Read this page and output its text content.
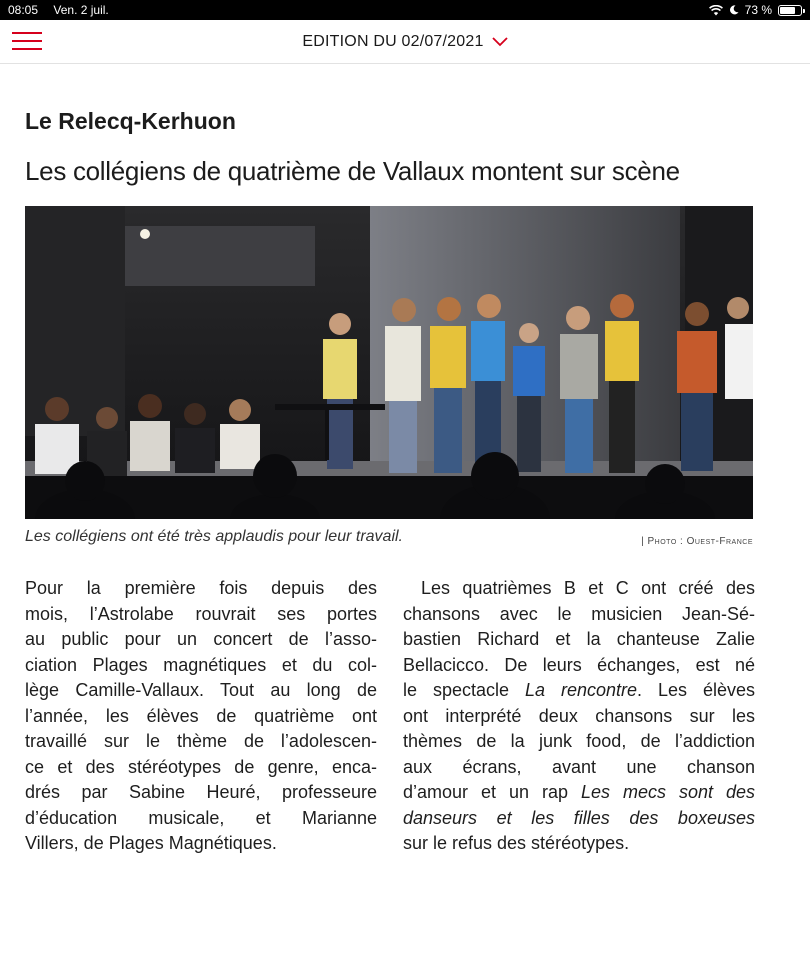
08:05 Ven. 2 juil.	73 %
EDITION DU 02/07/2021
Le Relecq-Kerhuon
Les collégiens de quatrième de Vallaux montent sur scène
Les collégiens ont été très applaudis pour leur travail.	| Photo : Ouest-France
Pour la première fois depuis des
mois, l’Astrolabe rouvrait ses portes
au public pour un concert de l’asso-
ciation Plages magnétiques et du col-
lège Camille-Vallaux. Tout au long de
l’année, les élèves de quatrième ont
travaillé sur le thème de l’adolescen-
ce et des stéréotypes de genre, enca-
drés par Sabine Heuré, professeure
d’éducation musicale, et Marianne
Villers, de Plages Magnétiques.
Les quatrièmes B et C ont créé des
chansons avec le musicien Jean-Sé-
bastien Richard et la chanteuse Zalie
Bellacicco. De leurs échanges, est né
le spectacle La rencontre. Les élèves
ont interprété deux chansons sur les
thèmes de la junk food, de l’addiction
aux écrans, avant une chanson
d’amour et un rap Les mecs sont des
danseurs et les filles des boxeuses
sur le refus des stéréotypes.
